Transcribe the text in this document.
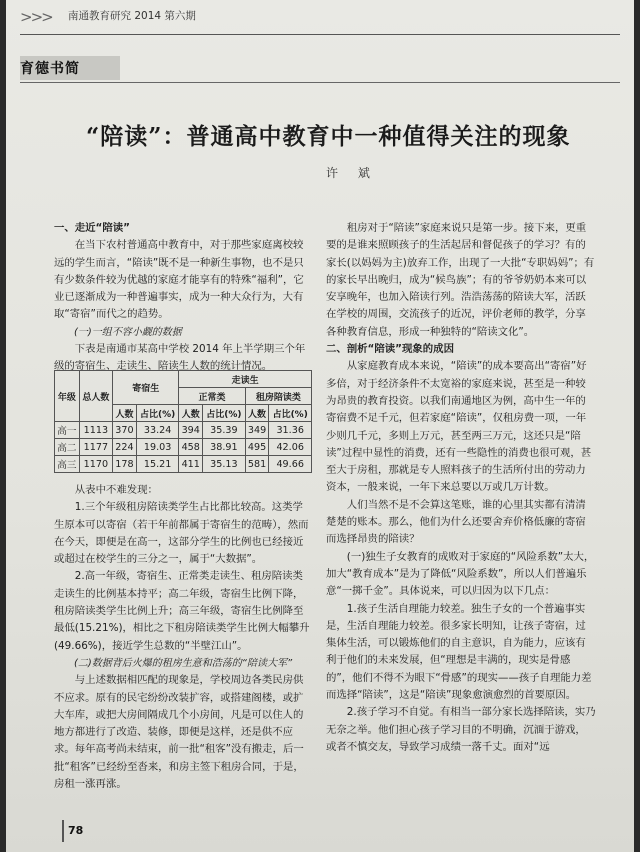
>>> 南通教育研究 2014 第六期
育德书简
“陪读”：普通高中教育中一种值得关注的现象
许 斌

一、走近“陪读”

在当下农村普通高中教育中，对于那些家庭离校较远的学生而言，“陪读”既不是一种新生事物，也不是只有少数条件较为优越的家庭才能享有的特殊“福利”，它业已逐渐成为一种普遍事实，成为一种大众行为，大有取“寄宿”而代之的趋势。

(一)一组不容小觑的数据

下表是南通市某高中学校 2014 年上半学期三个年级的寄宿生、走读生、陪读生人数的统计情况。

年级	总人数	寄宿生		走读生			
				正常类		租房陪读类	
		人数	占比(%)	人数	占比(%)	人数	占比(%)
高一	1113	370	33.24	394	35.39	349	31.36
高二	1177	224	19.03	458	38.91	495	42.06
高三	1170	178	15.21	411	35.13	581	49.66

从表中不难发现：

1.三个年级租房陪读类学生占比都比较高。这类学生原本可以寄宿（若干年前都属于寄宿生的范畴），然而在今天，即便是在高一，这部分学生的比例也已经接近或超过在校学生的三分之一，属于“大数据”。

2.高一年级，寄宿生、正常类走读生、租房陪读类走读生的比例基本持平；高二年级，寄宿生比例下降，租房陪读类学生比例上升；高三年级，寄宿生比例降至最低(15.21%)，相比之下租房陪读类学生比例大幅攀升(49.66%)，接近学生总数的“半壁江山”。

(二)数据背后火爆的租房生意和浩荡的“陪读大军”

与上述数据相匹配的现象是，学校周边各类民房供不应求。原有的民宅纷纷改装扩容，或搭建阁楼，或扩大车库，或把大房间隔成几个小房间，凡是可以住人的地方都进行了改造、装修，即便是这样，还是供不应求。每年高考尚未结束，前一批“租客”没有搬走，后一批“租客”已经纷至沓来，和房主签下租房合同，于是，房租一涨再涨。

租房对于“陪读”家庭来说只是第一步。接下来，更重要的是谁来照顾孩子的生活起居和督促孩子的学习？有的家长(以妈妈为主)放弃工作，出现了一大批“专职妈妈”；有的家长早出晚归，成为“候鸟族”；有的爷爷奶奶本来可以安享晚年，也加入陪读行列。浩浩荡荡的陪读大军，活跃在学校的周围，交流孩子的近况，评价老师的教学，分享各种教育信息，形成一种独特的“陪读文化”。

二、剖析“陪读”现象的成因

从家庭教育成本来说，“陪读”的成本要高出“寄宿”好多倍，对于经济条件不太宽裕的家庭来说，甚至是一种较为昂贵的教育投资。以我们南通地区为例，高中生一年的寄宿费不足千元，但若家庭“陪读”，仅租房费一项，一年少则几千元，多则上万元，甚至两三万元，这还只是“陪读”过程中显性的消费，还有一些隐性的消费也很可观，甚至大于房租，那就是专人照料孩子的生活所付出的劳动力资本，一般来说，一年下来总要以万或几万计数。

人们当然不是不会算这笔账，谁的心里其实都有清清楚楚的账本。那么，他们为什么还要舍弃价格低廉的寄宿而选择昂贵的陪读？

(一)独生子女教育的成败对于家庭的“风险系数”太大，加大“教育成本”是为了降低“风险系数”，所以人们普遍乐意“一掷千金”。具体说来，可以归因为以下几点：

1.孩子生活自理能力较差。独生子女的一个普遍事实是，生活自理能力较差。很多家长明知，让孩子寄宿，过集体生活，可以锻炼他们的自主意识，自为能力，应该有利于他们的未来发展，但“理想是丰满的，现实是骨感的”，他们不得不为眼下“骨感”的现实——孩子自理能力差而选择“陪读”，这是“陪读”现象愈演愈烈的首要原因。

2.孩子学习不自觉。有相当一部分家长选择陪读，实乃无奈之举。他们担心孩子学习目的不明确，沉湎于游戏，或者不慎交友，导致学习成绩一落千丈。面对“远

78
